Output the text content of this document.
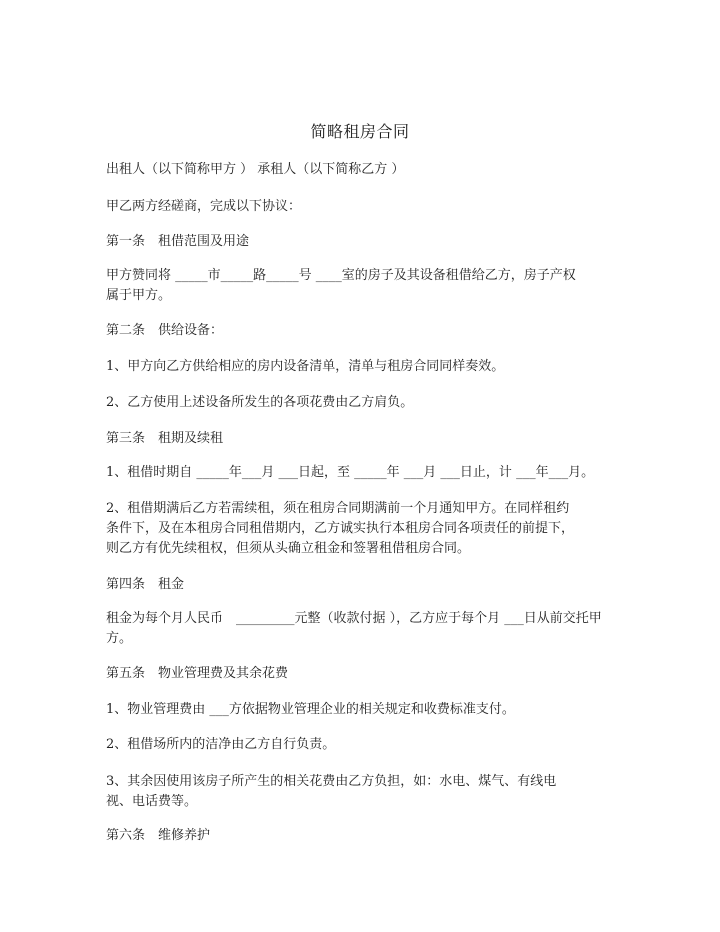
简略租房合同
出租人（以下简称甲方 ） 承租人（以下简称乙方 ）
甲乙两方经磋商，完成以下协议：
第一条　租借范围及用途
甲方赞同将 _____市_____路_____号 ____室的房子及其设备租借给乙方，房子产权
属于甲方。
第二条　供给设备：
1、甲方向乙方供给相应的房内设备清单，清单与租房合同同样奏效。
2、乙方使用上述设备所发生的各项花费由乙方肩负。
第三条　租期及续租
1、租借时期自 _____年___月 ___日起，至 _____年 ___月 ___日止，计 ___年___月。
2、租借期满后乙方若需续租，须在租房合同期满前一个月通知甲方。在同样租约
条件下，及在本租房合同租借期内，乙方诚实执行本租房合同各项责任的前提下，
则乙方有优先续租权，但须从头确立租金和签署租借租房合同。
第四条　租金
租金为每个月人民币　_________元整（收款付据 ），乙方应于每个月 ___日从前交托甲
方。
第五条　物业管理费及其余花费
1、物业管理费由 ___方依据物业管理企业的相关规定和收费标准支付。
2、租借场所内的洁净由乙方自行负责。
3、其余因使用该房子所产生的相关花费由乙方负担，如：水电、煤气、有线电
视、电话费等。
第六条　维修养护
